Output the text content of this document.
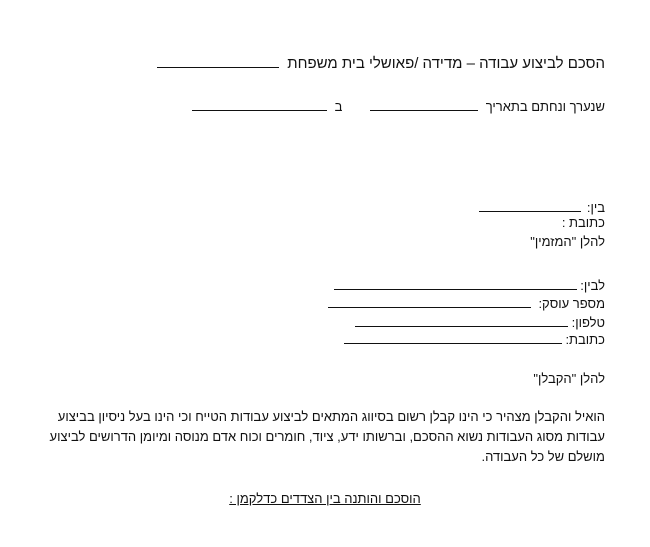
הסכם לביצוע עבודה – מדידה /פאושלי בית משפחת
שנערך ונחתם בתאריך  ב
בין:
כתובת :
להלן "המזמין"
לבין:
מספר עוסק:
טלפון:
כתובת:
להלן "הקבלן"
הואיל והקבלן מצהיר כי הינו קבלן רשום בסיווג המתאים לביצוע עבודות הטייח וכי הינו בעל ניסיון בביצוע עבודות מסוג העבודות נשוא ההסכם, וברשותו ידע, ציוד, חומרים וכוח אדם מנוסה ומיומן הדרושים לביצוע מושלם של כל העבודה.
הוסכם והותנה בין הצדדים כדלקמן :
